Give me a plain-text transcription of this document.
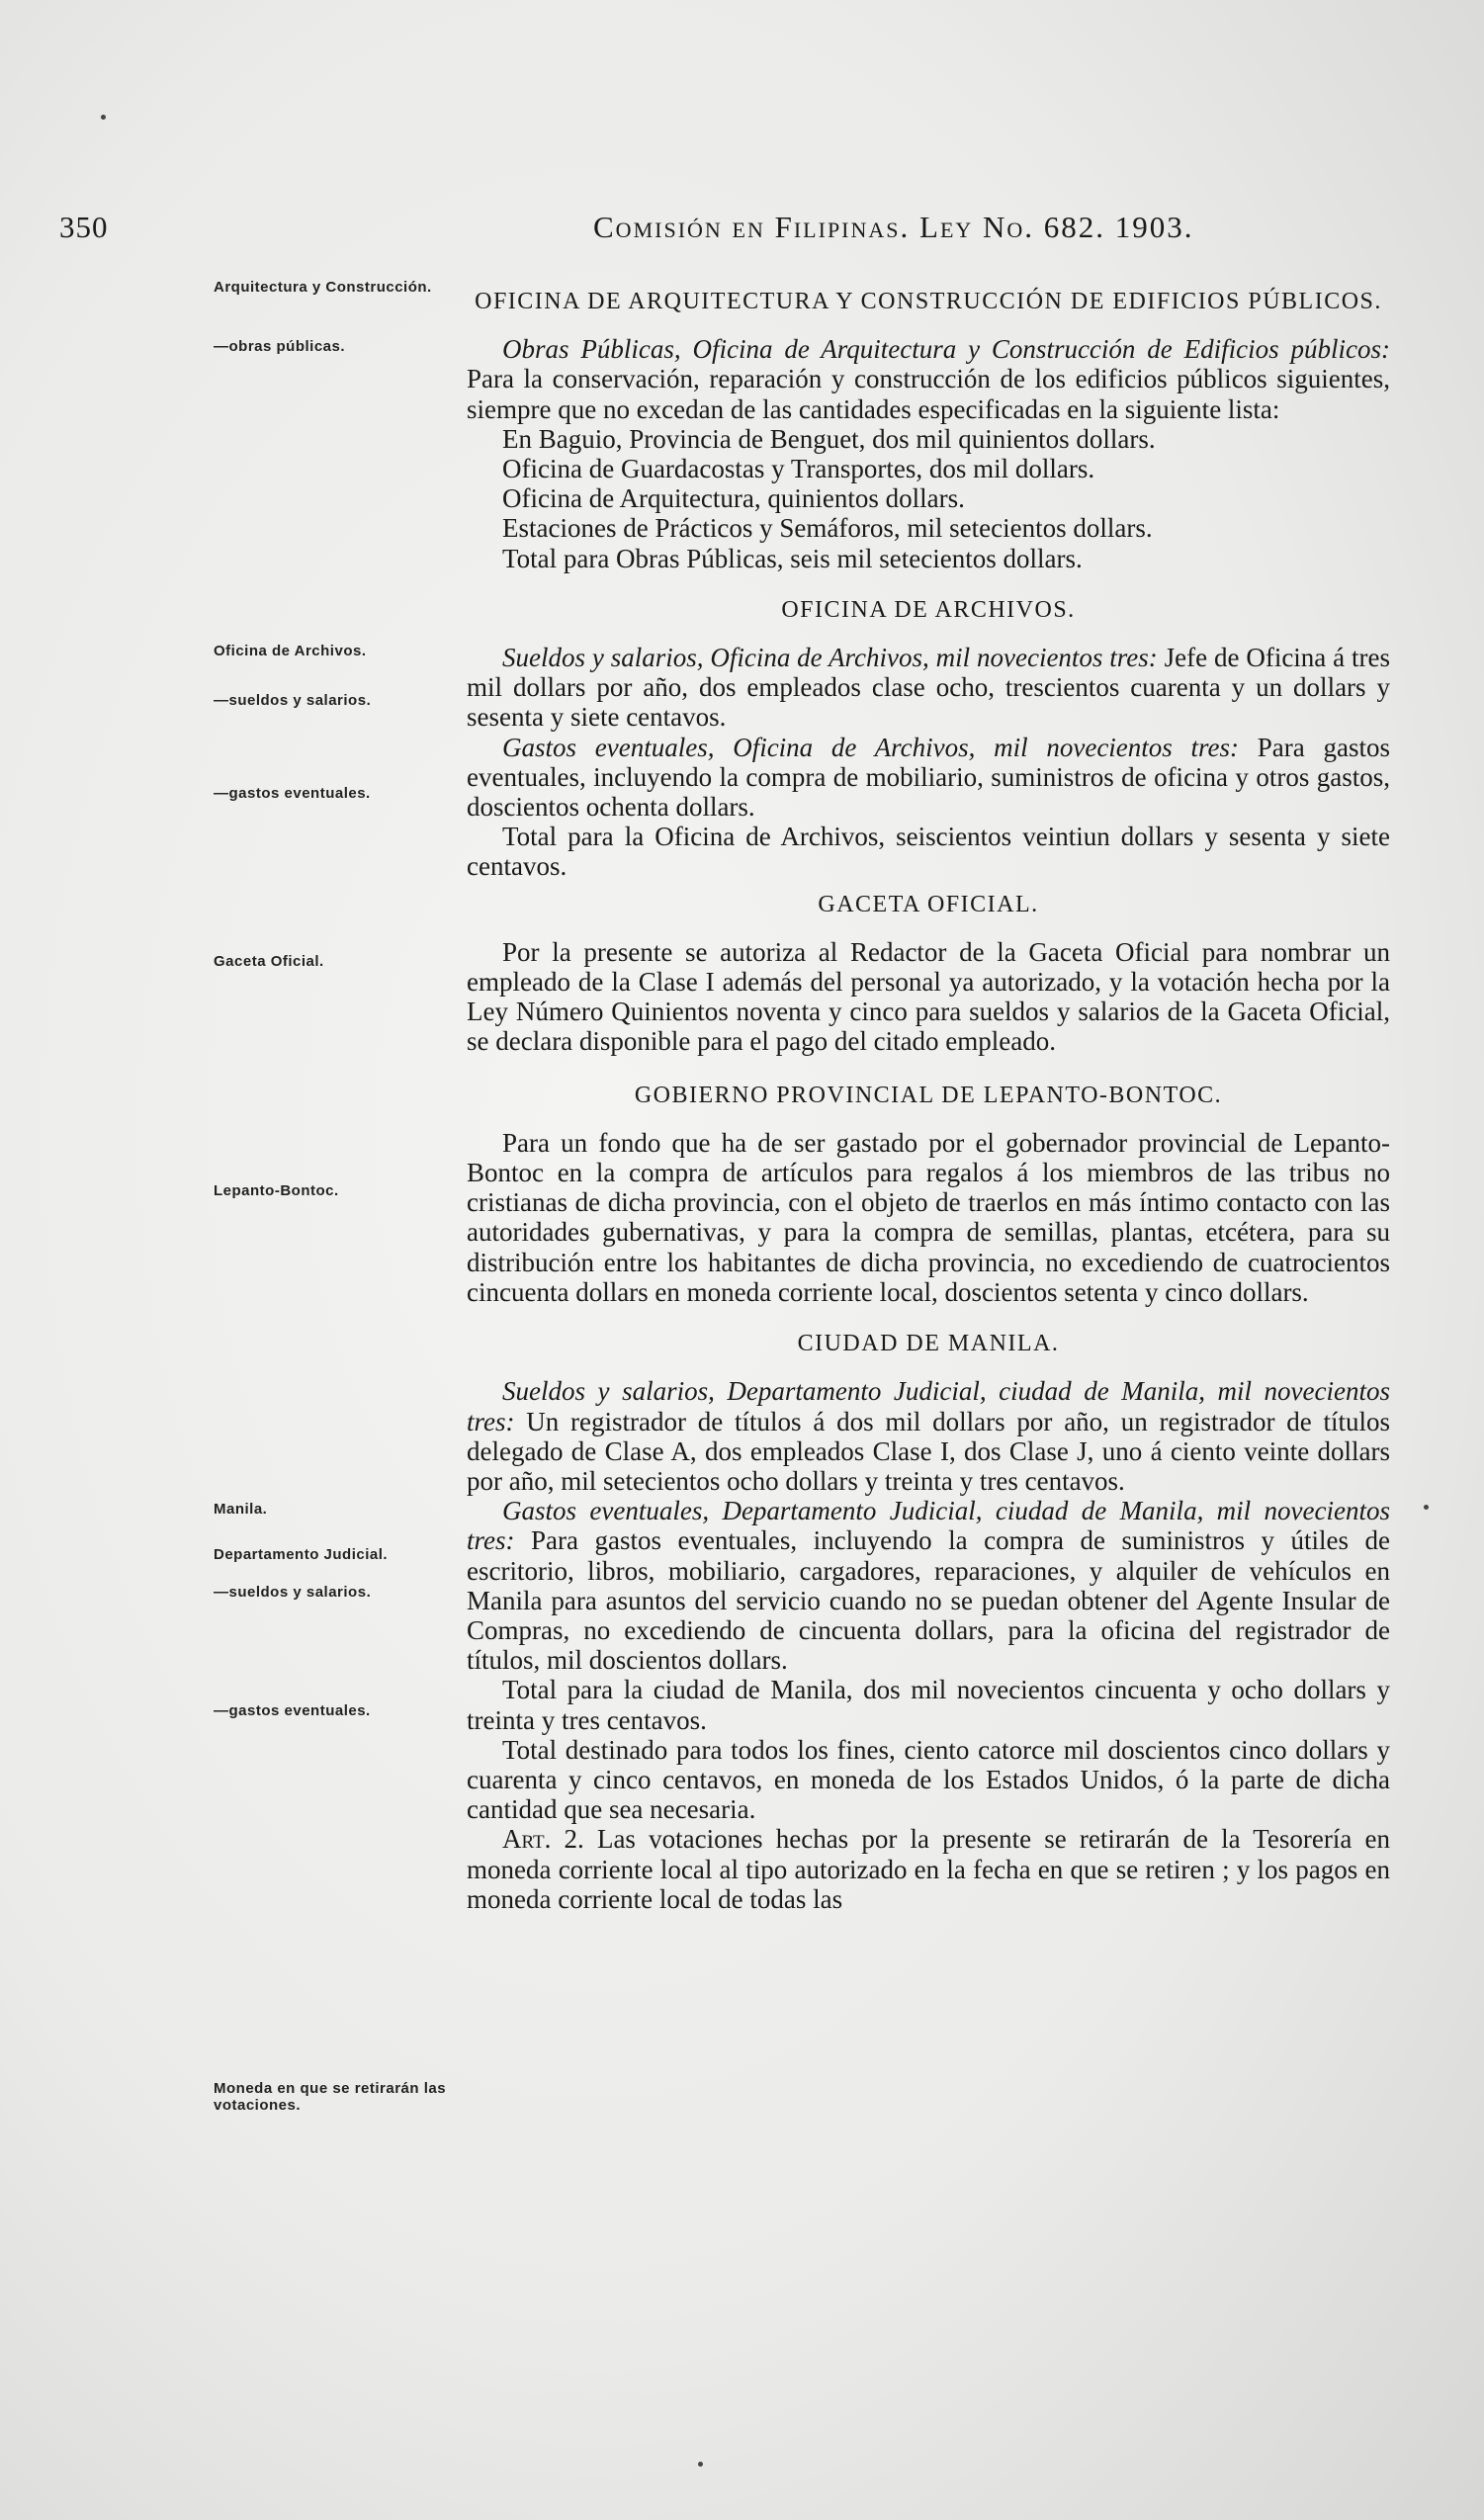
350	Comisión en Filipinas. Ley No. 682. 1903.
Arquitectura y Construcción.
—obras públicas.
Oficina de Archivos.
—sueldos y salarios.
—gastos eventuales.
Gaceta Oficial.
Lepanto-Bontoc.
Manila.
Departamento Judicial.
—sueldos y salarios.
—gastos eventuales.
Moneda en que se retirarán las votaciones.

OFICINA DE ARQUITECTURA Y CONSTRUCCIÓN DE EDIFICIOS PÚBLICOS.

Obras Públicas, Oficina de Arquitectura y Construcción de Edificios públicos: Para la conservación, reparación y construcción de los edificios públicos siguientes, siempre que no excedan de las cantidades especificadas en la siguiente lista:

En Baguio, Provincia de Benguet, dos mil quinientos dollars.

Oficina de Guardacostas y Transportes, dos mil dollars.

Oficina de Arquitectura, quinientos dollars.

Estaciones de Prácticos y Semáforos, mil setecientos dollars.

Total para Obras Públicas, seis mil setecientos dollars.

OFICINA DE ARCHIVOS.

Sueldos y salarios, Oficina de Archivos, mil novecientos tres: Jefe de Oficina á tres mil dollars por año, dos empleados clase ocho, trescientos cuarenta y un dollars y sesenta y siete centavos.

Gastos eventuales, Oficina de Archivos, mil novecientos tres: Para gastos eventuales, incluyendo la compra de mobiliario, suministros de oficina y otros gastos, doscientos ochenta dollars.

Total para la Oficina de Archivos, seiscientos veintiun dollars y sesenta y siete centavos.

GACETA OFICIAL.

Por la presente se autoriza al Redactor de la Gaceta Oficial para nombrar un empleado de la Clase I además del personal ya autorizado, y la votación hecha por la Ley Número Quinientos noventa y cinco para sueldos y salarios de la Gaceta Oficial, se declara disponible para el pago del citado empleado.

GOBIERNO PROVINCIAL DE LEPANTO-BONTOC.

Para un fondo que ha de ser gastado por el gobernador provincial de Lepanto-Bontoc en la compra de artículos para regalos á los miembros de las tribus no cristianas de dicha provincia, con el objeto de traerlos en más íntimo contacto con las autoridades gubernativas, y para la compra de semillas, plantas, etcétera, para su distribución entre los habitantes de dicha provincia, no excediendo de cuatrocientos cincuenta dollars en moneda corriente local, doscientos setenta y cinco dollars.

CIUDAD DE MANILA.

Sueldos y salarios, Departamento Judicial, ciudad de Manila, mil novecientos tres: Un registrador de títulos á dos mil dollars por año, un registrador de títulos delegado de Clase A, dos empleados Clase I, dos Clase J, uno á ciento veinte dollars por año, mil setecientos ocho dollars y treinta y tres centavos.

Gastos eventuales, Departamento Judicial, ciudad de Manila, mil novecientos tres: Para gastos eventuales, incluyendo la compra de suministros y útiles de escritorio, libros, mobiliario, cargadores, reparaciones, y alquiler de vehículos en Manila para asuntos del servicio cuando no se puedan obtener del Agente Insular de Compras, no excediendo de cincuenta dollars, para la oficina del registrador de títulos, mil doscientos dollars.

Total para la ciudad de Manila, dos mil novecientos cincuenta y ocho dollars y treinta y tres centavos.

Total destinado para todos los fines, ciento catorce mil doscientos cinco dollars y cuarenta y cinco centavos, en moneda de los Estados Unidos, ó la parte de dicha cantidad que sea necesaria.

Art. 2. Las votaciones hechas por la presente se retirarán de la Tesorería en moneda corriente local al tipo autorizado en la fecha en que se retiren ; y los pagos en moneda corriente local de todas las
